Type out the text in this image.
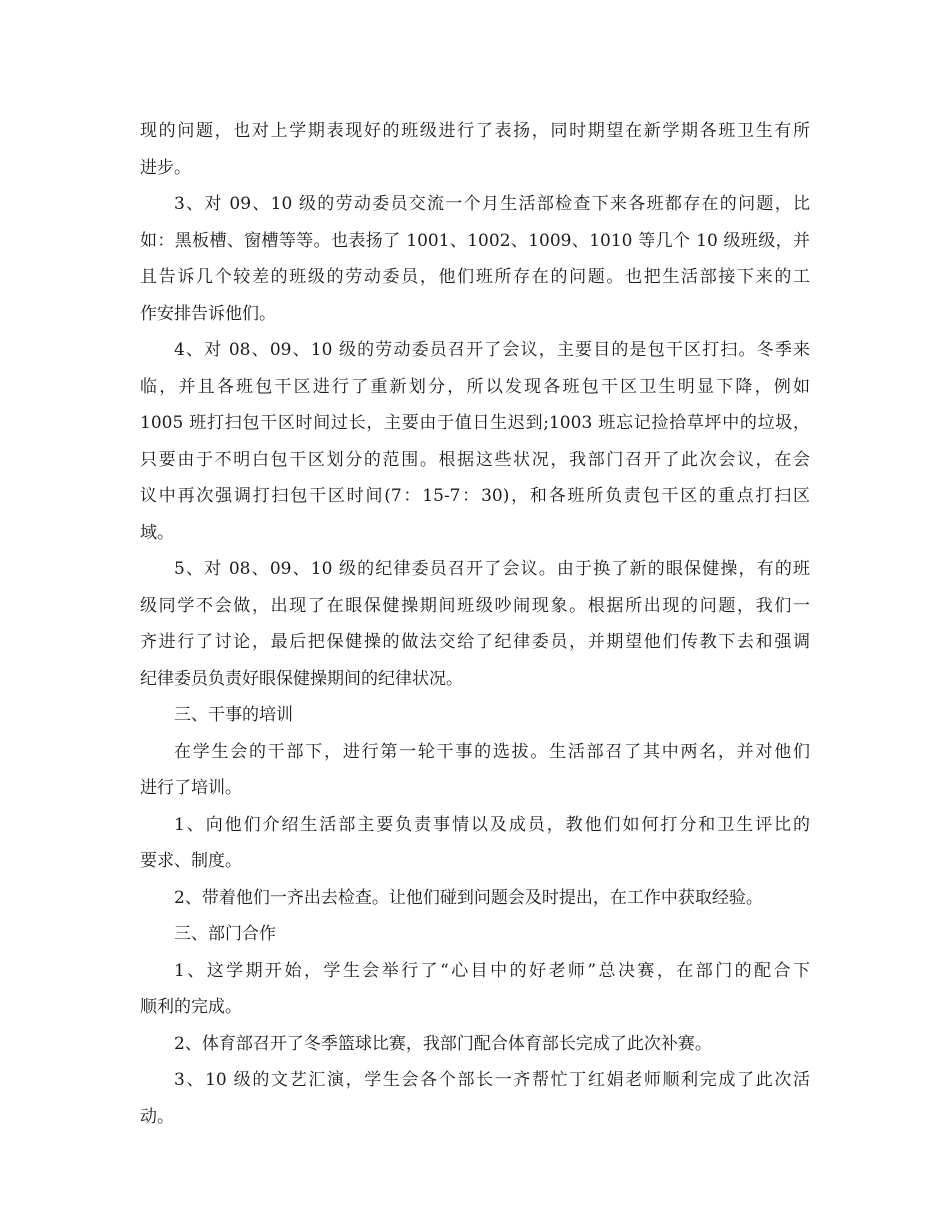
现的问题，也对上学期表现好的班级进行了表扬，同时期望在新学期各班卫生有所
进步。

3、对 09、10 级的劳动委员交流一个月生活部检查下来各班都存在的问题，比
如：黑板槽、窗槽等等。也表扬了 1001、1002、1009、1010 等几个 10 级班级，并
且告诉几个较差的班级的劳动委员，他们班所存在的问题。也把生活部接下来的工
作安排告诉他们。

4、对 08、09、10 级的劳动委员召开了会议，主要目的是包干区打扫。冬季来
临，并且各班包干区进行了重新划分，所以发现各班包干区卫生明显下降，例如
1005 班打扫包干区时间过长，主要由于值日生迟到;1003 班忘记捡拾草坪中的垃圾，
只要由于不明白包干区划分的范围。根据这些状况，我部门召开了此次会议，在会
议中再次强调打扫包干区时间(7：15-7：30)，和各班所负责包干区的重点打扫区
域。

5、对 08、09、10 级的纪律委员召开了会议。由于换了新的眼保健操，有的班
级同学不会做，出现了在眼保健操期间班级吵闹现象。根据所出现的问题，我们一
齐进行了讨论，最后把保健操的做法交给了纪律委员，并期望他们传教下去和强调
纪律委员负责好眼保健操期间的纪律状况。

三、干事的培训

在学生会的干部下，进行第一轮干事的选拔。生活部召了其中两名，并对他们
进行了培训。

1、向他们介绍生活部主要负责事情以及成员，教他们如何打分和卫生评比的
要求、制度。

2、带着他们一齐出去检查。让他们碰到问题会及时提出，在工作中获取经验。

三、部门合作

1、这学期开始，学生会举行了“心目中的好老师”总决赛，在部门的配合下
顺利的完成。

2、体育部召开了冬季篮球比赛，我部门配合体育部长完成了此次补赛。

3、10 级的文艺汇演，学生会各个部长一齐帮忙丁红娟老师顺利完成了此次活
动。
